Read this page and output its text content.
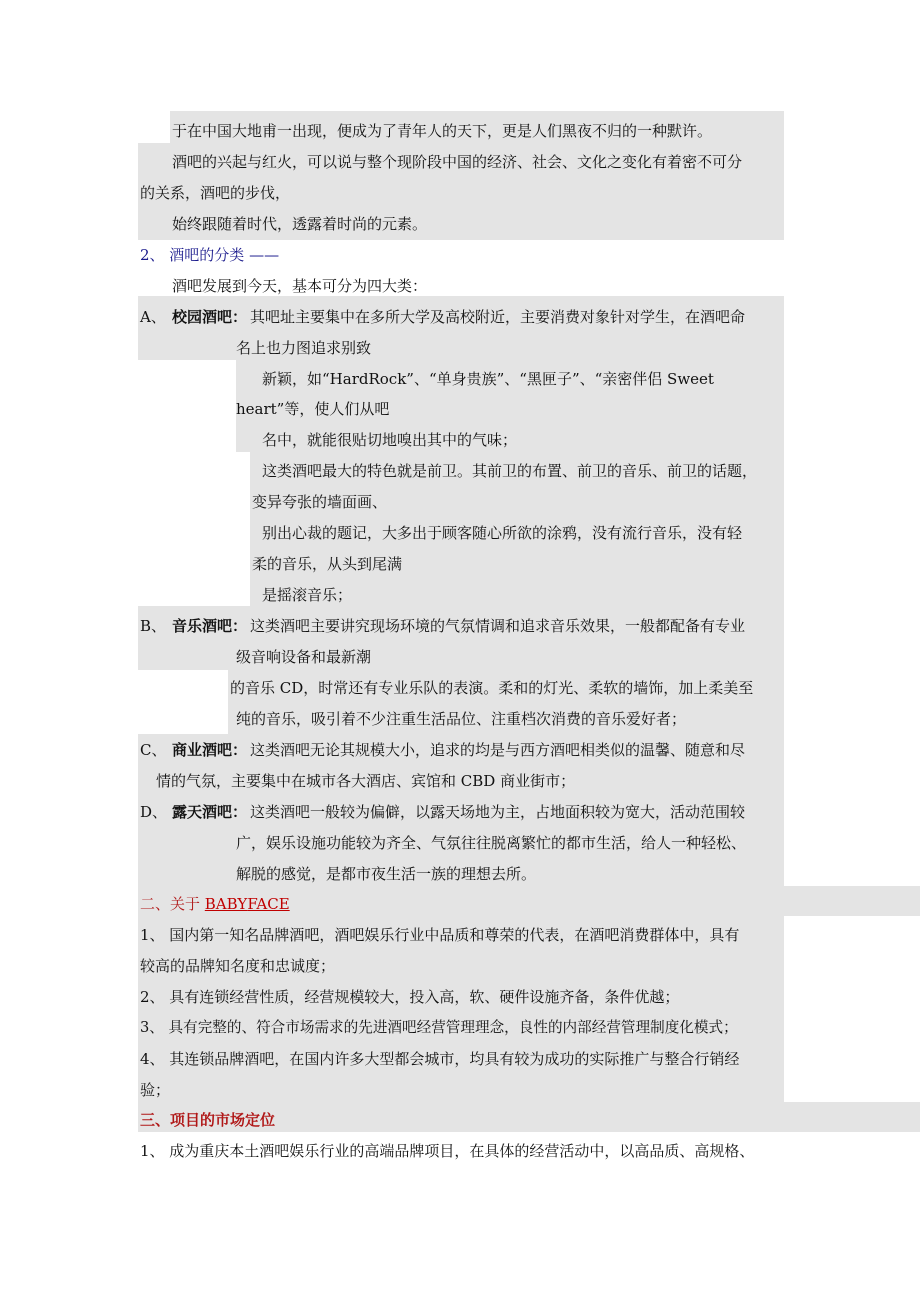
于在中国大地甫一出现，便成为了青年人的天下，更是人们黑夜不归的一种默许。
酒吧的兴起与红火，可以说与整个现阶段中国的经济、社会、文化之变化有着密不可分
的关系，酒吧的步伐，
始终跟随着时代，透露着时尚的元素。
2、 酒吧的分类 ——
酒吧发展到今天，基本可分为四大类：
A、 校园酒吧： 其吧址主要集中在多所大学及高校附近，主要消费对象针对学生，在酒吧命
名上也力图追求别致
新颖，如“HardRock”、“单身贵族”、“黑匣子”、“亲密伴侣 Sweet
heart”等，使人们从吧
名中，就能很贴切地嗅出其中的气味；
这类酒吧最大的特色就是前卫。其前卫的布置、前卫的音乐、前卫的话题，
变异夸张的墙面画、
别出心裁的题记，大多出于顾客随心所欲的涂鸦，没有流行音乐，没有轻
柔的音乐，从头到尾满
是摇滚音乐；
B、 音乐酒吧： 这类酒吧主要讲究现场环境的气氛情调和追求音乐效果，一般都配备有专业
级音响设备和最新潮
的音乐 CD，时常还有专业乐队的表演。柔和的灯光、柔软的墙饰，加上柔美至
纯的音乐，吸引着不少注重生活品位、注重档次消费的音乐爱好者；
C、 商业酒吧： 这类酒吧无论其规模大小，追求的均是与西方酒吧相类似的温馨、随意和尽
情的气氛，主要集中在城市各大酒店、宾馆和 CBD 商业街市；
D、 露天酒吧： 这类酒吧一般较为偏僻，以露天场地为主，占地面积较为宽大，活动范围较
广，娱乐设施功能较为齐全、气氛往往脱离繁忙的都市生活，给人一种轻松、
解脱的感觉，是都市夜生活一族的理想去所。
二、关于 BABYFACE
1、 国内第一知名品牌酒吧，酒吧娱乐行业中品质和尊荣的代表，在酒吧消费群体中，具有
较高的品牌知名度和忠诚度；
2、 具有连锁经营性质，经营规模较大，投入高，软、硬件设施齐备，条件优越；
3、 具有完整的、符合市场需求的先进酒吧经营管理理念，良性的内部经营管理制度化模式；
4、 其连锁品牌酒吧，在国内许多大型都会城市，均具有较为成功的实际推广与整合行销经
验；
三、项目的市场定位
1、 成为重庆本土酒吧娱乐行业的高端品牌项目，在具体的经营活动中，以高品质、高规格、
